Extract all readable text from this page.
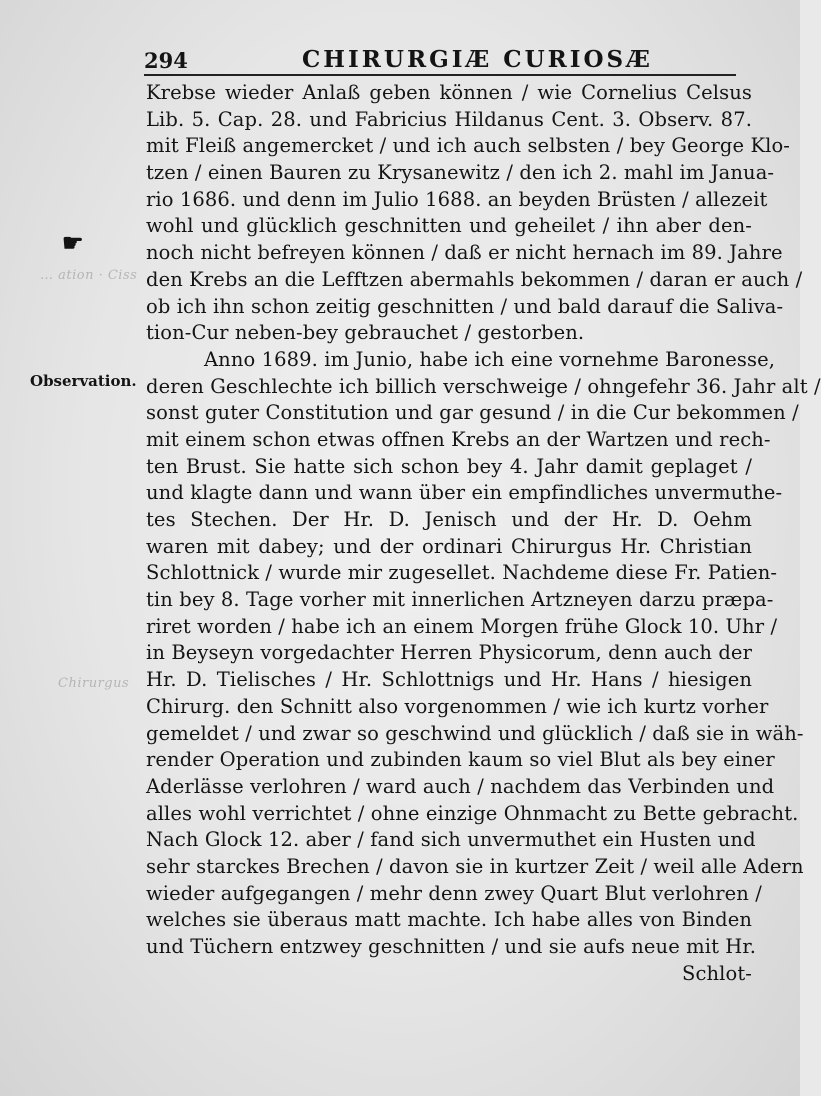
… ation · Ciss
Chirurgus
294	CHIRURGIÆ CURIOSÆ
☛
Observation.
Krebse wieder Anlaß geben können / wie Cornelius Celsus
Lib. 5. Cap. 28. und Fabricius Hildanus Cent. 3. Observ. 87.
mit Fleiß angemercket / und ich auch selbsten / bey George Klo-
tzen / einen Bauren zu Krysanewitz / den ich 2. mahl im Janua-
rio 1686. und denn im Julio 1688. an beyden Brüsten / allezeit
wohl und glücklich geschnitten und geheilet / ihn aber den-
noch nicht befreyen können / daß er nicht hernach im 89. Jahre
den Krebs an die Lefftzen abermahls bekommen / daran er auch /
ob ich ihn schon zeitig geschnitten / und bald darauf die Saliva-
tion-Cur neben-bey gebrauchet / gestorben.
Anno 1689. im Junio, habe ich eine vornehme Baronesse,
deren Geschlechte ich billich verschweige / ohngefehr 36. Jahr alt /
sonst guter Constitution und gar gesund / in die Cur bekommen /
mit einem schon etwas offnen Krebs an der Wartzen und rech-
ten Brust. Sie hatte sich schon bey 4. Jahr damit geplaget /
und klagte dann und wann über ein empfindliches unvermuthe-
tes Stechen. Der Hr. D. Jenisch und der Hr. D. Oehm
waren mit dabey; und der ordinari Chirurgus Hr. Christian
Schlottnick / wurde mir zugesellet. Nachdeme diese Fr. Patien-
tin bey 8. Tage vorher mit innerlichen Artzneyen darzu præpa-
riret worden / habe ich an einem Morgen frühe Glock 10. Uhr /
in Beyseyn vorgedachter Herren Physicorum, denn auch der
Hr. D. Tielisches / Hr. Schlottnigs und Hr. Hans / hiesigen
Chirurg. den Schnitt also vorgenommen / wie ich kurtz vorher
gemeldet / und zwar so geschwind und glücklich / daß sie in wäh-
render Operation und zubinden kaum so viel Blut als bey einer
Aderlässe verlohren / ward auch / nachdem das Verbinden und
alles wohl verrichtet / ohne einzige Ohnmacht zu Bette gebracht.
Nach Glock 12. aber / fand sich unvermuthet ein Husten und
sehr starckes Brechen / davon sie in kurtzer Zeit / weil alle Adern
wieder aufgegangen / mehr denn zwey Quart Blut verlohren /
welches sie überaus matt machte. Ich habe alles von Binden
und Tüchern entzwey geschnitten / und sie aufs neue mit Hr.
Schlot-
